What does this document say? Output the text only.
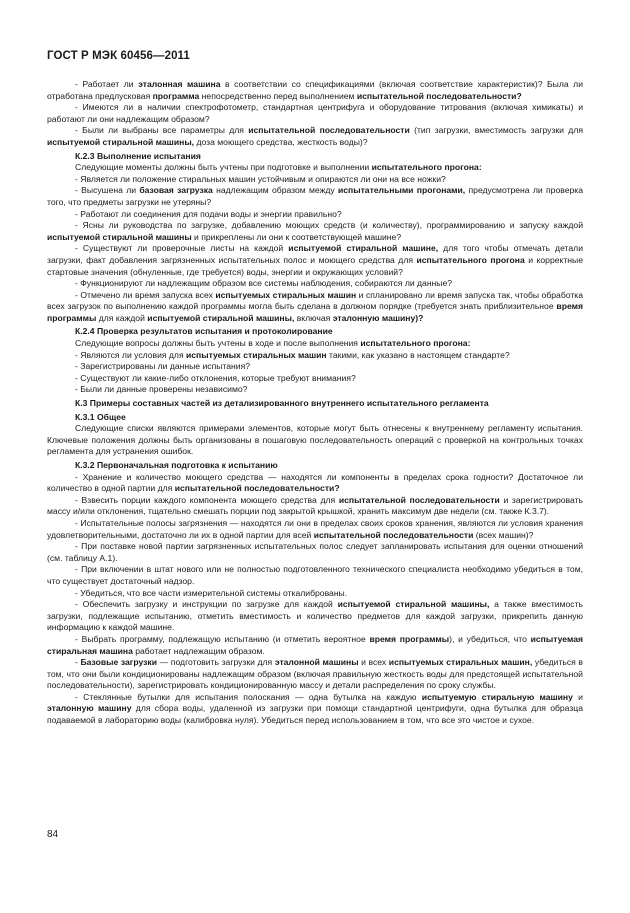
ГОСТ Р МЭК 60456—2011

- Работает ли эталонная машина в соответствии со спецификациями (включая соответствие характеристик)? Была ли отработана предлусковая программа непосредственно перед выполнением испытательной последовательности?

- Имеются ли в наличии спектрофотометр, стандартная центрифуга и оборудование титрования (включая химикаты) и работают ли они надлежащим образом?

- Были ли выбраны все параметры для испытательной последовательности (тип загрузки, вместимость загрузки для испытуемой стиральной машины, доза моющего средства, жесткость воды)?

К.2.3 Выполнение испытания

Следующие моменты должны быть учтены при подготовке и выполнении испытательного прогона:

- Является ли положение стиральных машин устойчивым и опираются ли они на все ножки?

- Высушена ли базовая загрузка надлежащим образом между испытательными прогонами, предусмотрена ли проверка того, что предметы загрузки не утеряны?

- Работают ли соединения для подачи воды и энергии правильно?

- Ясны ли руководства по загрузке, добавлению моющих средств (и количеству), программированию и запуску каждой испытуемой стиральной машины и прикреплены ли они к соответствующей машине?

- Существуют ли проверочные листы на каждой испытуемой стиральной машине, для того чтобы отмечать детали загрузки, факт добавления загрязненных испытательных полос и моющего средства для испытательного прогона и корректные стартовые значения (обнуленные, где требуется) воды, энергии и окружающих условий?

- Функционируют ли надлежащим образом все системы наблюдения, собираются ли данные?

- Отмечено ли время запуска всех испытуемых стиральных машин и спланировано ли время запуска так, чтобы обработка всех загрузок по выполнению каждой программы могла быть сделана в должном порядке (требуется знать приблизительное время программы для каждой испытуемой стиральной машины, включая эталонную машину)?

К.2.4 Проверка результатов испытания и протоколирование

Следующие вопросы должны быть учтены в ходе и после выполнения испытательного прогона:

- Являются ли условия для испытуемых стиральных машин такими, как указано в настоящем стандарте?

- Зарегистрированы ли данные испытания?

- Существуют ли какие-либо отклонения, которые требуют внимания?

- Были ли данные проверены независимо?

К.3 Примеры составных частей из детализированного внутреннего испытательного регламента

К.3.1 Общее

Следующие списки являются примерами элементов, которые могут быть отнесены к внутреннему регламенту испытания. Ключевые положения должны быть организованы в пошаговую последовательность операций с проверкой на контрольных точках регламента для устранения ошибок.

К.3.2 Первоначальная подготовка к испытанию

- Хранение и количество моющего средства — находятся ли компоненты в пределах срока годности? Достаточное ли количество в одной партии для испытательной последовательности?

- Взвесить порции каждого компонента моющего средства для испытательной последовательности и зарегистрировать массу и/или отклонения, тщательно смешать порции под закрытой крышкой, хранить максимум две недели (см. также К.3.7).

- Испытательные полосы загрязнения — находятся ли они в пределах своих сроков хранения, являются ли условия хранения удовлетворительными, достаточно ли их в одной партии для всей испытательной последовательности (всех машин)?

- При поставке новой партии загрязненных испытательных полос следует запланировать испытания для оценки отношений (см. таблицу А.1).

- При включении в штат нового или не полностью подготовленного технического специалиста необходимо убедиться в том, что существует достаточный надзор.

- Убедиться, что все части измерительной системы откалиброваны.

- Обеспечить загрузку и инструкции по загрузке для каждой испытуемой стиральной машины, а также вместимость загрузки, подлежащие испытанию, отметить вместимость и количество предметов для каждой загрузки, прикрепить данную информацию к каждой машине.

- Выбрать программу, подлежащую испытанию (и отметить вероятное время программы), и убедиться, что испытуемая стиральная машина работает надлежащим образом.

- Базовые загрузки — подготовить загрузки для эталонной машины и всех испытуемых стиральных машин, убедиться в том, что они были кондиционированы надлежащим образом (включая правильную жесткость воды для предстоящей испытательной последовательности), зарегистрировать кондиционированную массу и детали распределения по сроку службы.

- Стеклянные бутылки для испытания полоскания — одна бутылка на каждую испытуемую стиральную машину и эталонную машину для сбора воды, удаленной из загрузки при помощи стандартной центрифуги, одна бутылка для образца подаваемой в лабораторию воды (калибровка нуля). Убедиться перед использованием в том, что все это чистое и сухое.

84
